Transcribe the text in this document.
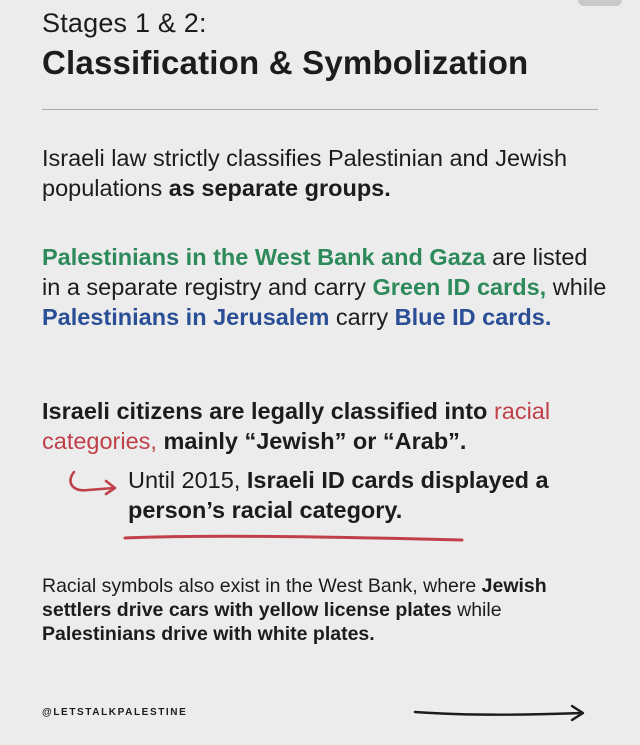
Stages 1 & 2:
Classification & Symbolization
Israeli law strictly classifies Palestinian and Jewish populations as separate groups.
Palestinians in the West Bank and Gaza are listed in a separate registry and carry Green ID cards, while Palestinians in Jerusalem carry Blue ID cards.
Israeli citizens are legally classified into racial categories, mainly “Jewish” or “Arab”.
Until 2015, Israeli ID cards displayed a person’s racial category.
Racial symbols also exist in the West Bank, where Jewish settlers drive cars with yellow license plates while Palestinians drive with white plates.
@LETSTALKPALESTINE
